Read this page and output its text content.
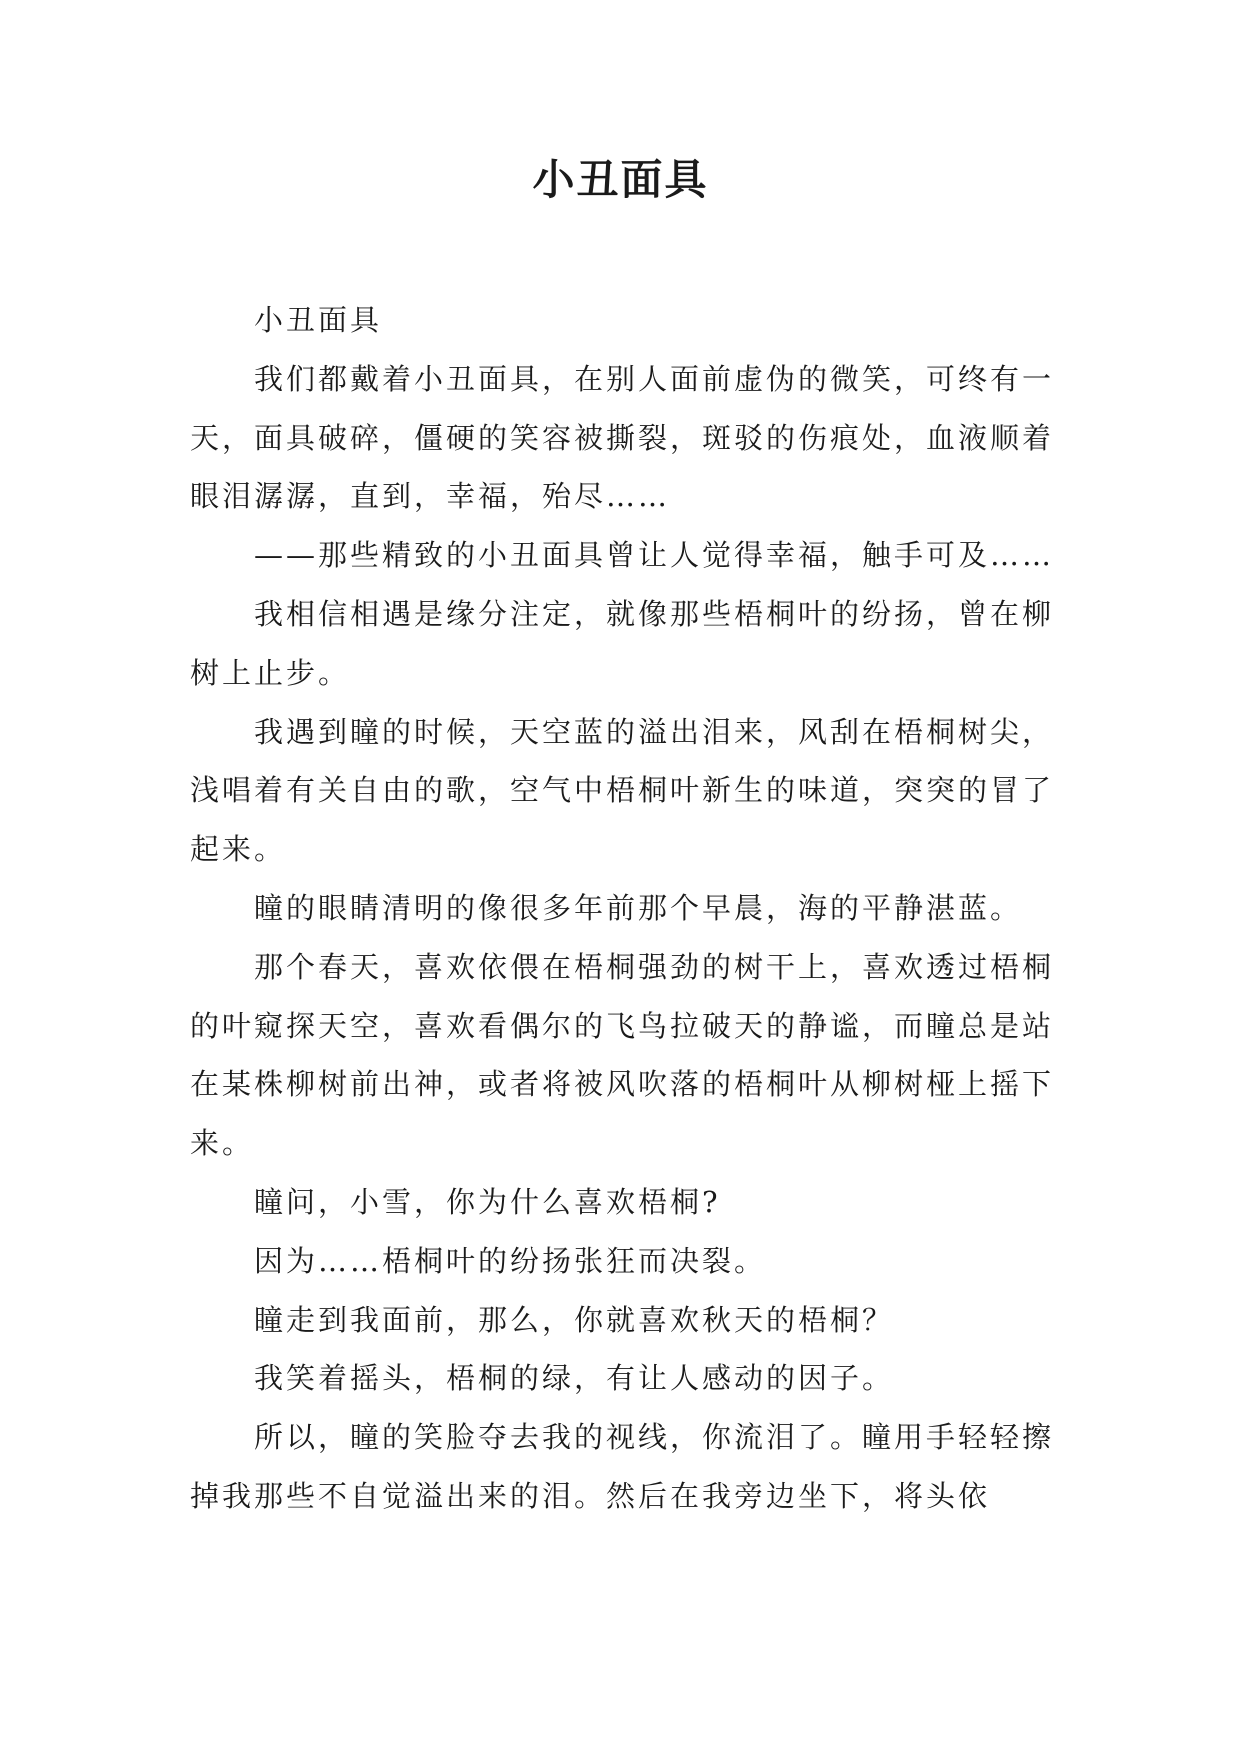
小丑面具

小丑面具

我们都戴着小丑面具，在别人面前虚伪的微笑，可终有一天，面具破碎，僵硬的笑容被撕裂，斑驳的伤痕处，血液顺着眼泪潺潺，直到，幸福，殆尽……

——那些精致的小丑面具曾让人觉得幸福，触手可及……

我相信相遇是缘分注定，就像那些梧桐叶的纷扬，曾在柳树上止步。

我遇到瞳的时候，天空蓝的溢出泪来，风刮在梧桐树尖，浅唱着有关自由的歌，空气中梧桐叶新生的味道，突突的冒了起来。

瞳的眼睛清明的像很多年前那个早晨，海的平静湛蓝。

那个春天，喜欢依偎在梧桐强劲的树干上，喜欢透过梧桐的叶窥探天空，喜欢看偶尔的飞鸟拉破天的静谧，而瞳总是站在某株柳树前出神，或者将被风吹落的梧桐叶从柳树桠上摇下来。

瞳问，小雪，你为什么喜欢梧桐?

因为……梧桐叶的纷扬张狂而决裂。

瞳走到我面前，那么，你就喜欢秋天的梧桐？

我笑着摇头，梧桐的绿，有让人感动的因子。

所以，瞳的笑脸夺去我的视线，你流泪了。瞳用手轻轻擦掉我那些不自觉溢出来的泪。然后在我旁边坐下，将头依
